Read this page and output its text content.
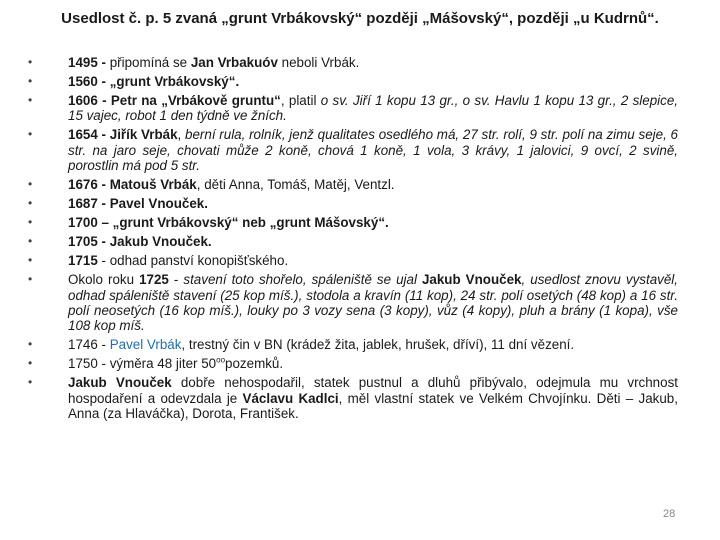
Usedlost č. p. 5 zvaná „grunt Vrbákovský“ později „Mášovský“, později „u Kudrnů“.
•	1495 - připomíná se Jan Vrbakuóv neboli Vrbák.
•	1560 - „grunt Vrbákovský“.
•	1606 - Petr na „Vrbákově gruntu“, platil o sv. Jiří 1 kopu 13 gr., o sv. Havlu 1 kopu 13 gr., 2 slepice, 15 vajec, robot 1 den týdně ve žních.
•	1654 - Jiřík Vrbák, berní rula, rolník, jenž qualitates osedlého má, 27 str. rolí, 9 str. polí na zimu seje, 6 str. na jaro seje, chovati může 2 koně, chová 1 koně, 1 vola, 3 krávy, 1 jalovici, 9 ovcí, 2 svině, porostlin má pod 5 str.
•	1676 - Matouš Vrbák, děti Anna, Tomáš, Matěj, Ventzl.
•	1687 - Pavel Vnouček.
•	1700 – „grunt Vrbákovský“ neb „grunt Mášovský“.
•	1705 - Jakub Vnouček.
•	1715 - odhad panství konopišťského.
•	Okolo roku 1725 - stavení toto shořelo, spáleniště se ujal Jakub Vnouček, usedlost znovu vystavěl, odhad spáleniště stavení (25 kop míš.), stodola a kravín (11 kop), 24 str. polí osetých (48 kop) a 16 str. polí neosetých (16 kop míš.), louky po 3 vozy sena (3 kopy), vůz (4 kopy), pluh a brány (1 kopa), vše 108 kop míš.
•	1746 - Pavel Vrbák, trestný čin v BN (krádež žita, jablek, hrušek, dříví), 11 dní vězení.
•	1750 - výměra 48 jiter $50^{oo}pozemků$.
•	Jakub Vnouček dobře nehospodařil, statek pustnul a dluhů přibývalo, odejmula mu vrchnost hospodaření a odevzdala je Václavu Kadlci, měl vlastní statek ve Velkém Chvojínku. Děti – Jakub, Anna (za Hlaváčka), Dorota, František.
28
